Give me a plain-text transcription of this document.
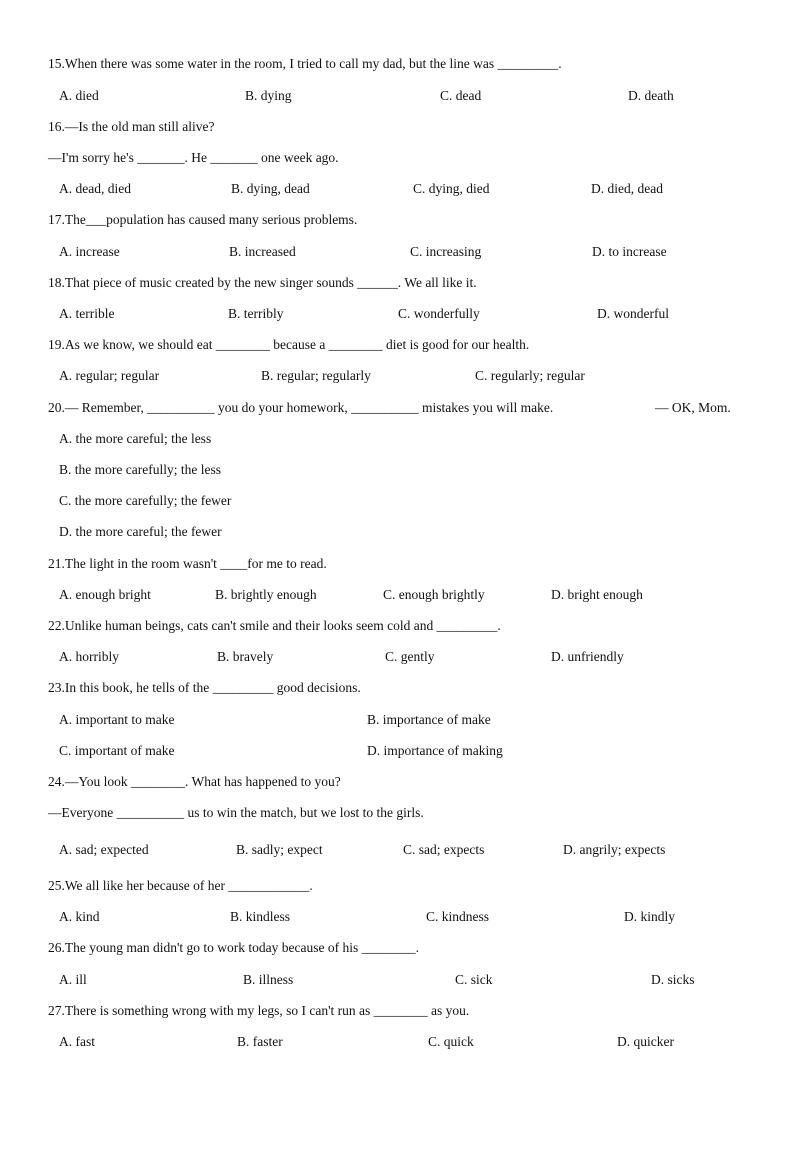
15.When there was some water in the room, I tried to call my dad, but the line was _________.

A. died

	B. dying

	C. dead

	D. death

16.—Is the old man still alive?

—I'm sorry he's _______. He _______ one week ago.

A. dead, died

	B. dying, dead

	C. dying, died

	D. died, dead

17.The___population has caused many serious problems.

A. increase

	B. increased

	C. increasing

	D. to increase

18.That piece of music created by the new singer sounds ______. We all like it.

A. terrible

	B. terribly

	C. wonderfully

	D. wonderful

19.As we know, we should eat ________ because a ________ diet is good for our health.

A. regular; regular

	B. regular; regularly

	C. regularly; regular

20.— Remember, __________ you do your homework, __________ mistakes you will make.

	— OK, Mom.

A. the more careful; the less

B. the more carefully; the less

C. the more carefully; the fewer

D. the more careful; the fewer

21.The light in the room wasn't ____for me to read.

A. enough bright

	B. brightly enough

	C. enough brightly

	D. bright enough

22.Unlike human beings, cats can't smile and their looks seem cold and _________.

A. horribly

	B. bravely

	C. gently

	D. unfriendly

23.In this book, he tells of the _________ good decisions.

A. important to make

	B. importance of make

C. important of make

	D. importance of making

24.—You look ________. What has happened to you?

—Everyone __________ us to win the match, but we lost to the girls.

A. sad; expected

	B. sadly; expect

	C. sad; expects

	D. angrily; expects

25.We all like her because of her ____________.

A. kind

	B. kindless

	C. kindness

	D. kindly

26.The young man didn't go to work today because of his ________.

A. ill

	B. illness

	C. sick

	D. sicks

27.There is something wrong with my legs, so I can't run as ________ as you.

A. fast

	B. faster

	C. quick

	D. quicker
